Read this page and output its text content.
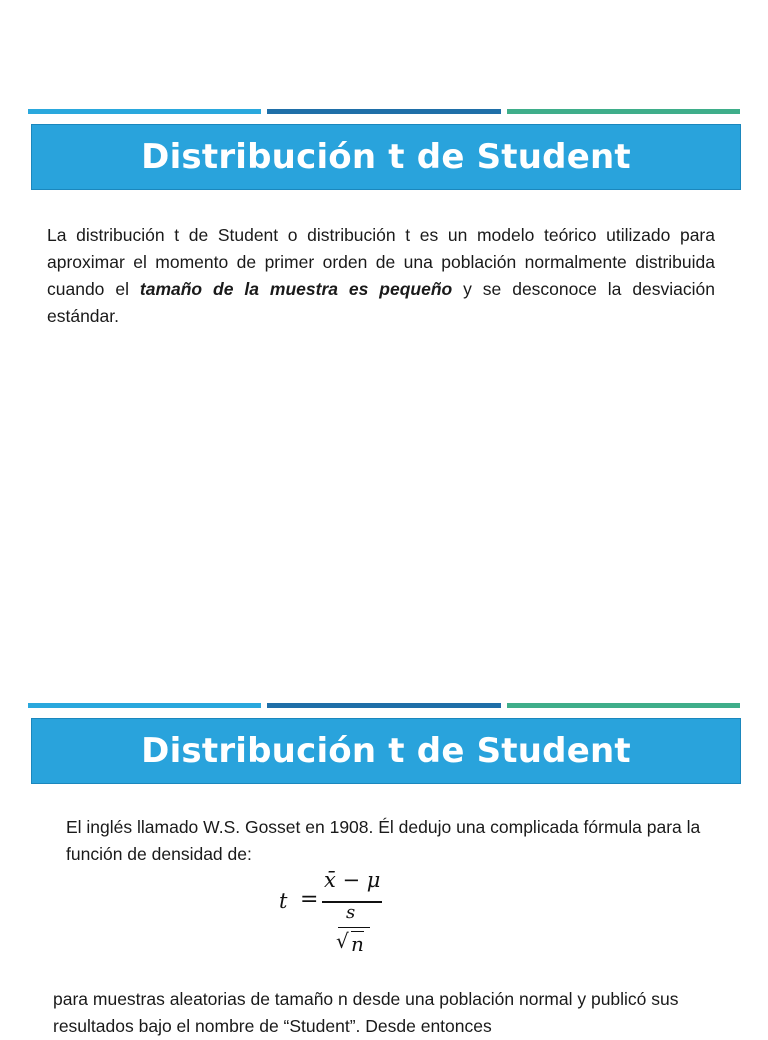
Distribución t de Student

La distribución t de Student o distribución t es un modelo teórico utilizado para aproximar el momento de primer orden de una población normalmente distribuida cuando el tamaño de la muestra es pequeño y se desconoce la desviación estándar.

Distribución t de Student

El inglés llamado W.S. Gosset en 1908. Él dedujo una complicada fórmula para la función de densidad de:

t =
x̄ − μ
s
√ n

para muestras aleatorias de tamaño n desde una población normal y publicó sus resultados bajo el nombre de “Student”. Desde entonces
